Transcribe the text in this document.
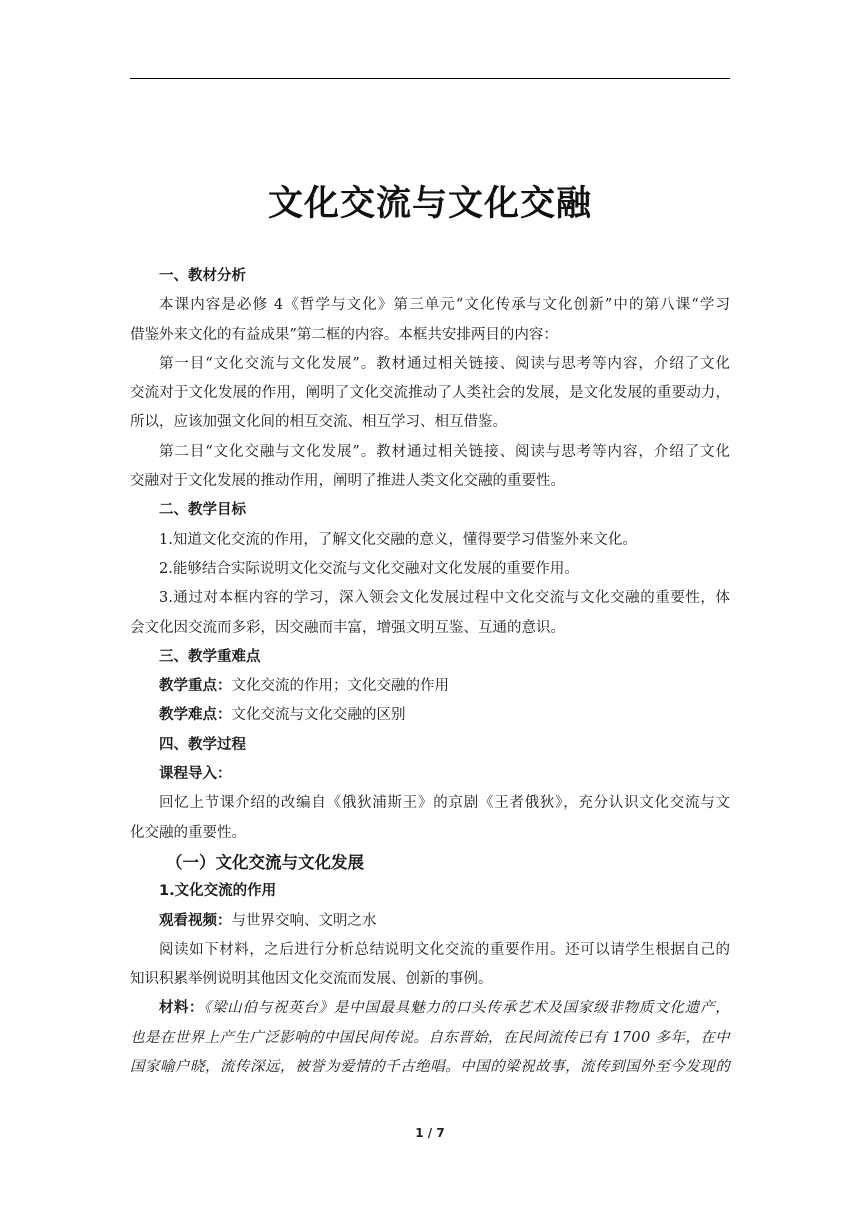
文化交流与文化交融
一、教材分析
本课内容是必修 4《哲学与文化》第三单元“文化传承与文化创新”中的第八课“学习
借鉴外来文化的有益成果”第二框的内容。本框共安排两目的内容：
第一目“文化交流与文化发展”。教材通过相关链接、阅读与思考等内容，介绍了文化
交流对于文化发展的作用，阐明了文化交流推动了人类社会的发展，是文化发展的重要动力，
所以，应该加强文化间的相互交流、相互学习、相互借鉴。
第二目“文化交融与文化发展”。教材通过相关链接、阅读与思考等内容，介绍了文化
交融对于文化发展的推动作用，阐明了推进人类文化交融的重要性。
二、教学目标
1.知道文化交流的作用，了解文化交融的意义，懂得要学习借鉴外来文化。
2.能够结合实际说明文化交流与文化交融对文化发展的重要作用。
3.通过对本框内容的学习，深入领会文化发展过程中文化交流与文化交融的重要性，体
会文化因交流而多彩，因交融而丰富，增强文明互鉴、互通的意识。
三、教学重难点
教学重点：文化交流的作用；文化交融的作用
教学难点：文化交流与文化交融的区别
四、教学过程
课程导入：
回忆上节课介绍的改编自《俄狄浦斯王》的京剧《王者俄狄》，充分认识文化交流与文
化交融的重要性。
（一）文化交流与文化发展
1.文化交流的作用
观看视频：与世界交响、文明之水
阅读如下材料，之后进行分析总结说明文化交流的重要作用。还可以请学生根据自己的
知识积累举例说明其他因文化交流而发展、创新的事例。
材料：《梁山伯与祝英台》是中国最具魅力的口头传承艺术及国家级非物质文化遗产，
也是在世界上产生广泛影响的中国民间传说。自东晋始，在民间流传已有 1700 多年，在中
国家喻户晓，流传深远，被誉为爱情的千古绝唱。中国的梁祝故事，流传到国外至今发现的
1 / 7
